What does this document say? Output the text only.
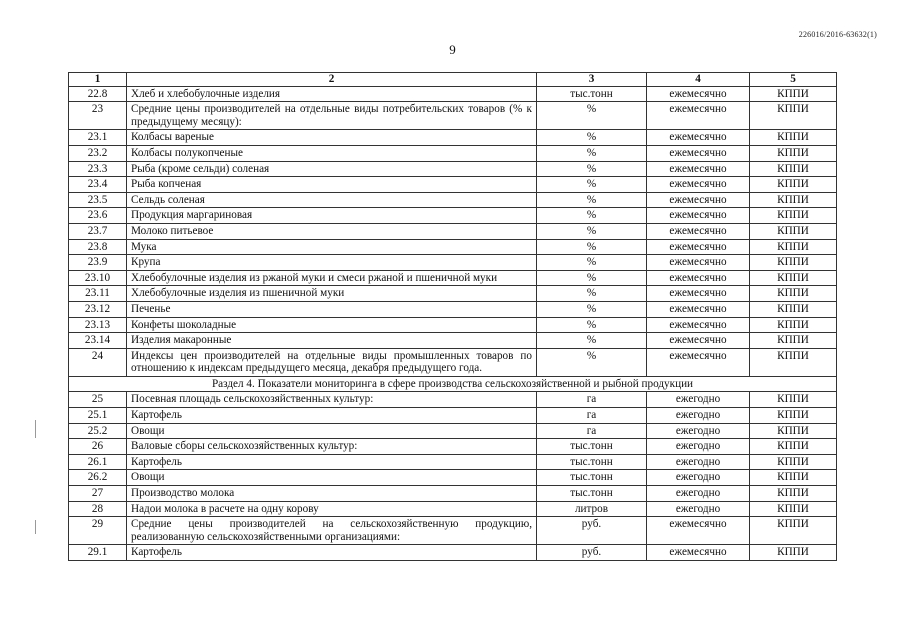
226016/2016-63632(1)
9
1	2	3	4	5
22.8	Хлеб и хлебобулочные изделия	тыс.тонн	ежемесячно	КППИ
23	Средние цены производителей на отдельные виды потребительских товаров (% к предыдущему месяцу):	%	ежемесячно	КППИ
23.1	Колбасы вареные	%	ежемесячно	КППИ
23.2	Колбасы полукопченые	%	ежемесячно	КППИ
23.3	Рыба (кроме сельди) соленая	%	ежемесячно	КППИ
23.4	Рыба копченая	%	ежемесячно	КППИ
23.5	Сельдь соленая	%	ежемесячно	КППИ
23.6	Продукция маргариновая	%	ежемесячно	КППИ
23.7	Молоко питьевое	%	ежемесячно	КППИ
23.8	Мука	%	ежемесячно	КППИ
23.9	Крупа	%	ежемесячно	КППИ
23.10	Хлебобулочные изделия из ржаной муки и смеси ржаной и пшеничной муки	%	ежемесячно	КППИ
23.11	Хлебобулочные изделия из пшеничной муки	%	ежемесячно	КППИ
23.12	Печенье	%	ежемесячно	КППИ
23.13	Конфеты шоколадные	%	ежемесячно	КППИ
23.14	Изделия макаронные	%	ежемесячно	КППИ
24	Индексы цен производителей на отдельные виды промышленных товаров по отношению к индексам предыдущего месяца, декабря предыдущего года.	%	ежемесячно	КППИ
Раздел 4. Показатели мониторинга в сфере производства сельскохозяйственной и рыбной продукции				
25	Посевная площадь сельскохозяйственных культур:	га	ежегодно	КППИ
25.1	Картофель	га	ежегодно	КППИ
25.2	Овощи	га	ежегодно	КППИ
26	Валовые сборы сельскохозяйственных культур:	тыс.тонн	ежегодно	КППИ
26.1	Картофель	тыс.тонн	ежегодно	КППИ
26.2	Овощи	тыс.тонн	ежегодно	КППИ
27	Производство молока	тыс.тонн	ежегодно	КППИ
28	Надои молока в расчете на одну корову	литров	ежегодно	КППИ
29	Средние цены производителей на сельскохозяйственную продукцию, реализованную сельскохозяйственными организациями:	руб.	ежемесячно	КППИ
29.1	Картофель	руб.	ежемесячно	КППИ
